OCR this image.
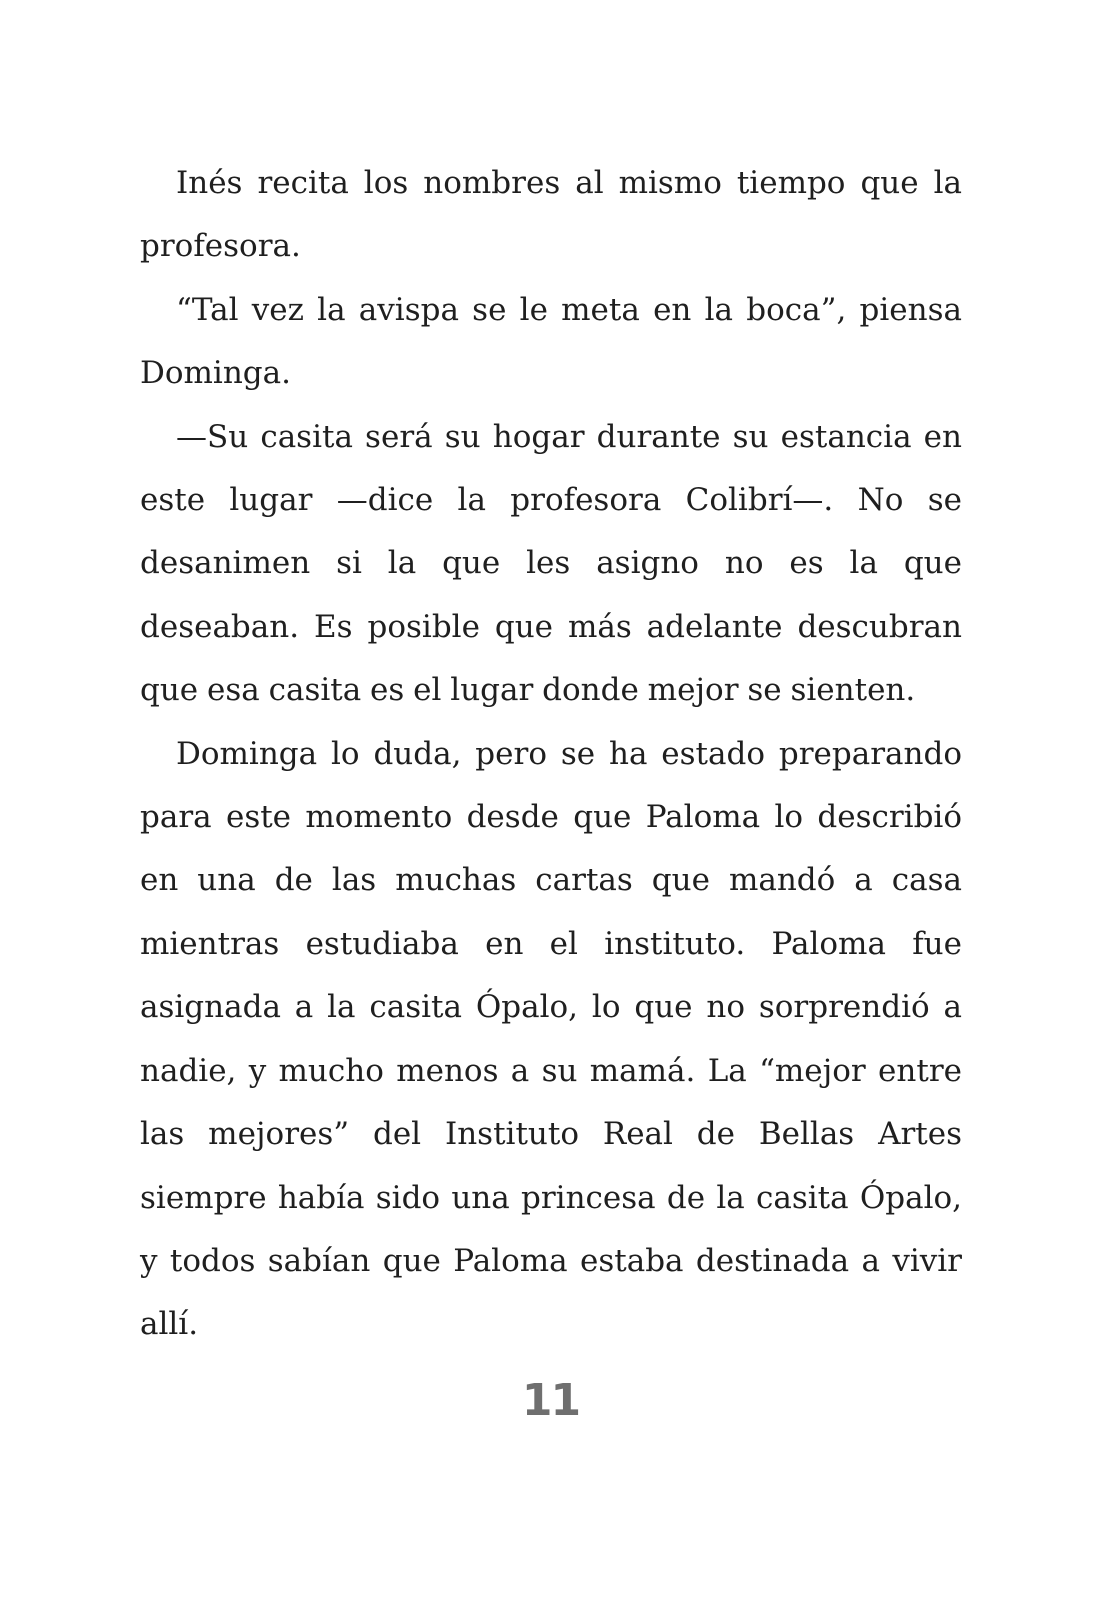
Inés recita los nombres al mismo tiempo que la profesora.

“Tal vez la avispa se le meta en la boca”, piensa Dominga.

—Su casita será su hogar durante su estancia en este lugar —dice la profesora Colibrí—. No se desanimen si la que les asigno no es la que deseaban. Es posible que más adelante descubran que esa casita es el lugar donde mejor se sienten.

Dominga lo duda, pero se ha estado preparando para este momento desde que Paloma lo describió en una de las muchas cartas que mandó a casa mientras estudiaba en el instituto. Paloma fue asignada a la casita Ópalo, lo que no sorprendió a nadie, y mucho menos a su mamá. La “mejor entre las mejores” del Instituto Real de Bellas Artes siempre había sido una princesa de la casita Ópalo, y todos sabían que Paloma estaba destinada a vivir allí.

11
